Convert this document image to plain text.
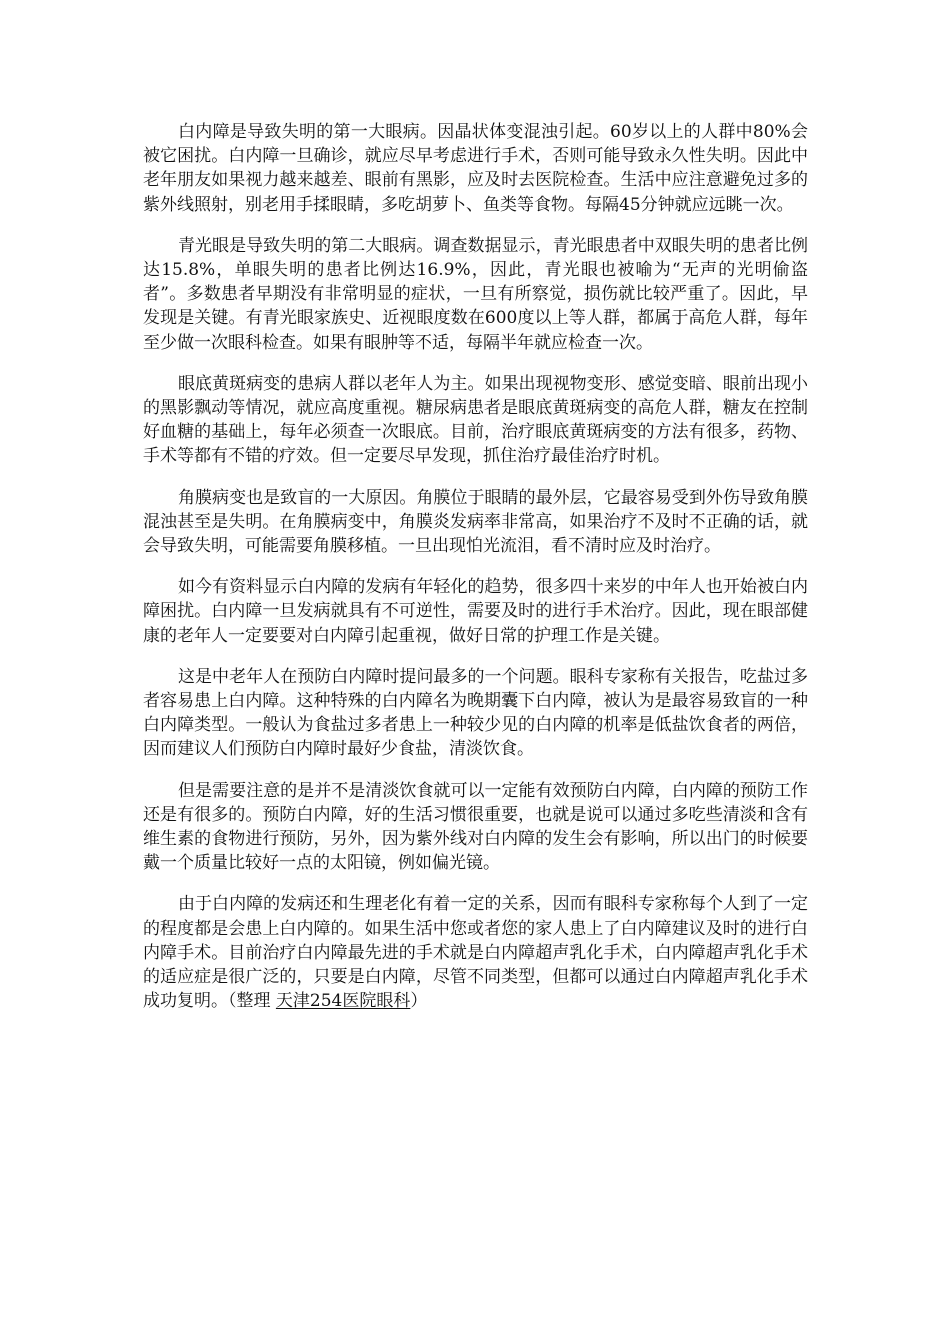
白内障是导致失明的第一大眼病。因晶状体变混浊引起。60岁以上的人群中80%会被它困扰。白内障一旦确诊，就应尽早考虑进行手术，否则可能导致永久性失明。因此中老年朋友如果视力越来越差、眼前有黑影，应及时去医院检查。生活中应注意避免过多的紫外线照射，别老用手揉眼睛，多吃胡萝卜、鱼类等食物。每隔45分钟就应远眺一次。

青光眼是导致失明的第二大眼病。调查数据显示，青光眼患者中双眼失明的患者比例达15.8%，单眼失明的患者比例达16.9%，因此，青光眼也被喻为“无声的光明偷盗者”。多数患者早期没有非常明显的症状，一旦有所察觉，损伤就比较严重了。因此，早发现是关键。有青光眼家族史、近视眼度数在600度以上等人群，都属于高危人群，每年至少做一次眼科检查。如果有眼肿等不适，每隔半年就应检查一次。

眼底黄斑病变的患病人群以老年人为主。如果出现视物变形、感觉变暗、眼前出现小的黑影飘动等情况，就应高度重视。糖尿病患者是眼底黄斑病变的高危人群，糖友在控制好血糖的基础上，每年必须查一次眼底。目前，治疗眼底黄斑病变的方法有很多，药物、手术等都有不错的疗效。但一定要尽早发现，抓住治疗最佳治疗时机。

角膜病变也是致盲的一大原因。角膜位于眼睛的最外层，它最容易受到外伤导致角膜混浊甚至是失明。在角膜病变中，角膜炎发病率非常高，如果治疗不及时不正确的话，就会导致失明，可能需要角膜移植。一旦出现怕光流泪，看不清时应及时治疗。

如今有资料显示白内障的发病有年轻化的趋势，很多四十来岁的中年人也开始被白内障困扰。白内障一旦发病就具有不可逆性，需要及时的进行手术治疗。因此，现在眼部健康的老年人一定要要对白内障引起重视，做好日常的护理工作是关键。

这是中老年人在预防白内障时提问最多的一个问题。眼科专家称有关报告，吃盐过多者容易患上白内障。这种特殊的白内障名为晚期囊下白内障，被认为是最容易致盲的一种白内障类型。一般认为食盐过多者患上一种较少见的白内障的机率是低盐饮食者的两倍，因而建议人们预防白内障时最好少食盐，清淡饮食。

但是需要注意的是并不是清淡饮食就可以一定能有效预防白内障，白内障的预防工作还是有很多的。预防白内障，好的生活习惯很重要，也就是说可以通过多吃些清淡和含有维生素的食物进行预防，另外，因为紫外线对白内障的发生会有影响，所以出门的时候要戴一个质量比较好一点的太阳镜，例如偏光镜。

由于白内障的发病还和生理老化有着一定的关系，因而有眼科专家称每个人到了一定的程度都是会患上白内障的。如果生活中您或者您的家人患上了白内障建议及时的进行白内障手术。目前治疗白内障最先进的手术就是白内障超声乳化手术，白内障超声乳化手术的适应症是很广泛的，只要是白内障，尽管不同类型，但都可以通过白内障超声乳化手术成功复明。（整理 天津254医院眼科）
